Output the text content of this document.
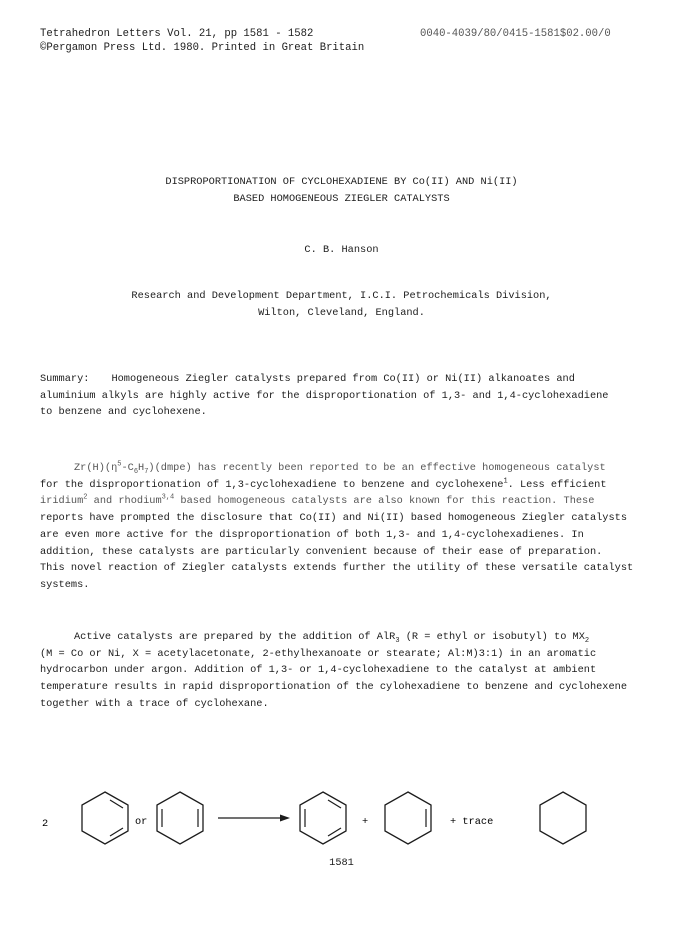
Tetrahedron Letters Vol. 21, pp 1581 - 1582
©Pergamon Press Ltd. 1980. Printed in Great Britain
0040-4039/80/0415-1581$02.00/0
DISPROPORTIONATION OF CYCLOHEXADIENE BY Co(II) AND Ni(II)
BASED HOMOGENEOUS ZIEGLER CATALYSTS
C. B. Hanson
Research and Development Department, I.C.I. Petrochemicals Division,
Wilton, Cleveland, England.
Summary: Homogeneous Ziegler catalysts prepared from Co(II) or Ni(II) alkanoates and
aluminium alkyls are highly active for the disproportionation of 1,3- and 1,4-cyclohexadiene
to benzene and cyclohexene.
$Zr(H)(\eta^5-C_6H_7)(dmpe)$ has recently been reported to be an effective homogeneous catalyst
for the disproportionation of 1,3-cyclohexadiene to benzene and cyclohexene$^1$. Less efficient
iridium$^2$ and rhodium$^{3,4}$ based homogeneous catalysts are also known for this reaction. These
reports have prompted the disclosure that Co(II) and Ni(II) based homogeneous Ziegler catalysts
are even more active for the disproportionation of both 1,3- and 1,4-cyclohexadienes. In
addition, these catalysts are particularly convenient because of their ease of preparation.
This novel reaction of Ziegler catalysts extends further the utility of these versatile catalyst
systems.
Active catalysts are prepared by the addition of AlR$_3$ (R = ethyl or isobutyl) to $MX_2$
(M = Co or Ni, X = acetylacetonate, 2-ethylhexanoate or stearate; Al:M)3:1) in an aromatic
hydrocarbon under argon. Addition of 1,3- or 1,4-cyclohexadiene to the catalyst at ambient
temperature results in rapid disproportionation of the cylohexadiene to benzene and cyclohexene
together with a trace of cyclohexane.
2	or	+	+ trace
1581
